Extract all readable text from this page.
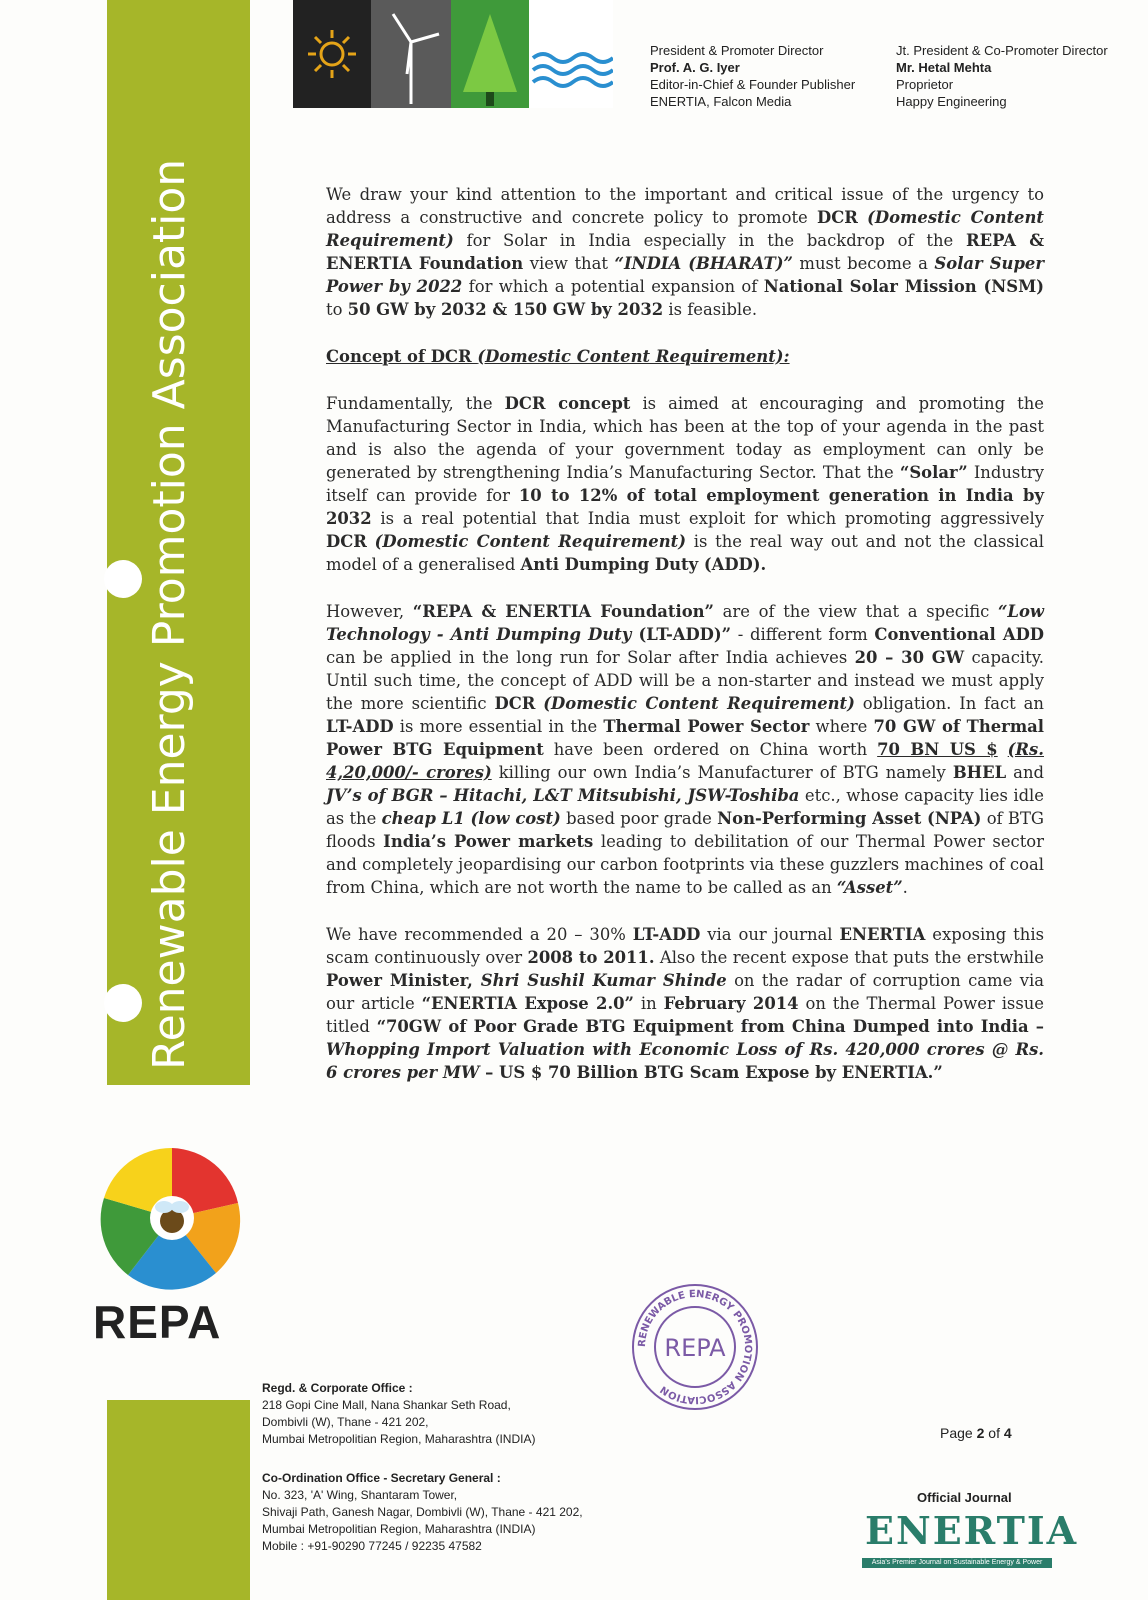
Renewable Energy Promotion Association
President & Promoter Director
Prof. A. G. Iyer
Editor-in-Chief & Founder Publisher
ENERTIA, Falcon Media
Jt. President & Co-Promoter Director
Mr. Hetal Mehta
Proprietor
Happy Engineering

We draw your kind attention to the important and critical issue of the urgency to address a constructive and concrete policy to promote DCR (Domestic Content Requirement) for Solar in India especially in the backdrop of the REPA & ENERTIA Foundation view that “INDIA (BHARAT)” must become a Solar Super Power by 2022 for which a potential expansion of National Solar Mission (NSM) to 50 GW by 2032 & 150 GW by 2032 is feasible.

Concept of DCR (Domestic Content Requirement):

Fundamentally, the DCR concept is aimed at encouraging and promoting the Manufacturing Sector in India, which has been at the top of your agenda in the past and is also the agenda of your government today as employment can only be generated by strengthening India’s Manufacturing Sector. That the “Solar” Industry itself can provide for 10 to 12% of total employment generation in India by 2032 is a real potential that India must exploit for which promoting aggressively DCR (Domestic Content Requirement) is the real way out and not the classical model of a generalised Anti Dumping Duty (ADD).

However, “REPA & ENERTIA Foundation” are of the view that a specific “Low Technology - Anti Dumping Duty (LT-ADD)” - different form Conventional ADD can be applied in the long run for Solar after India achieves 20 – 30 GW capacity. Until such time, the concept of ADD will be a non-starter and instead we must apply the more scientific DCR (Domestic Content Requirement) obligation. In fact an LT-ADD is more essential in the Thermal Power Sector where 70 GW of Thermal Power BTG Equipment have been ordered on China worth 70 BN US $ (Rs. 4,20,000/- crores) killing our own India’s Manufacturer of BTG namely BHEL and JV’s of BGR – Hitachi, L&T Mitsubishi, JSW-Toshiba etc., whose capacity lies idle as the cheap L1 (low cost) based poor grade Non-Performing Asset (NPA) of BTG floods India’s Power markets leading to debilitation of our Thermal Power sector and completely jeopardising our carbon footprints via these guzzlers machines of coal from China, which are not worth the name to be called as an “Asset”.

We have recommended a 20 – 30% LT-ADD via our journal ENERTIA exposing this scam continuously over 2008 to 2011. Also the recent expose that puts the erstwhile Power Minister, Shri Sushil Kumar Shinde on the radar of corruption came via our article “ENERTIA Expose 2.0” in February 2014 on the Thermal Power issue titled “70GW of Poor Grade BTG Equipment from China Dumped into India – Whopping Import Valuation with Economic Loss of Rs. 420,000 crores @ Rs. 6 crores per MW – US $ 70 Billion BTG Scam Expose by ENERTIA.”

REPA	RENEWABLE ENERGY PROMOTION ASSOCIATION
REPA
Regd. & Corporate Office :
218 Gopi Cine Mall, Nana Shankar Seth Road,
Dombivli (W), Thane - 421 202,
Mumbai Metropolitian Region, Maharashtra (INDIA)
Co-Ordination Office - Secretary General :
No. 323, 'A' Wing, Shantaram Tower,
Shivaji Path, Ganesh Nagar, Dombivli (W), Thane - 421 202,
Mumbai Metropolitian Region, Maharashtra (INDIA)
Mobile : +91-90290 77245 / 92235 47582
Page 2 of 4
Official Journal
ENERTIA
Asia's Premier Journal on Sustainable Energy & Power
